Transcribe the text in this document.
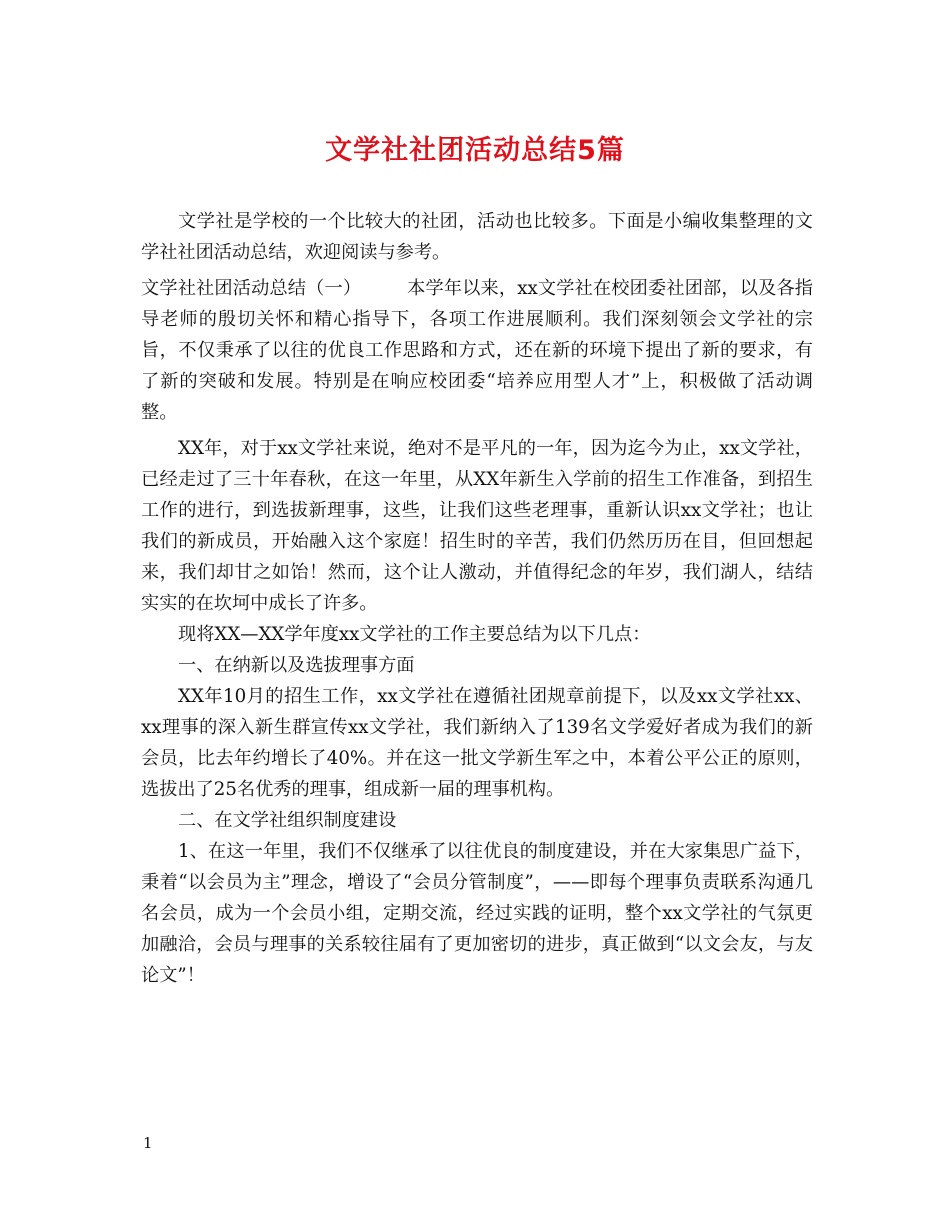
文学社社团活动总结5篇

文学社是学校的一个比较大的社团，活动也比较多。下面是小编收集整理的文学社社团活动总结，欢迎阅读与参考。

文学社社团活动总结（一）　　　本学年以来，xx文学社在校团委社团部，以及各指导老师的殷切关怀和精心指导下，各项工作进展顺利。我们深刻领会文学社的宗旨，不仅秉承了以往的优良工作思路和方式，还在新的环境下提出了新的要求，有了新的突破和发展。特别是在响应校团委“培养应用型人才”上，积极做了活动调整。

XX年，对于xx文学社来说，绝对不是平凡的一年，因为迄今为止，xx文学社，已经走过了三十年春秋，在这一年里，从XX年新生入学前的招生工作准备，到招生工作的进行，到选拔新理事，这些，让我们这些老理事，重新认识xx文学社；也让我们的新成员，开始融入这个家庭！招生时的辛苦，我们仍然历历在目，但回想起来，我们却甘之如饴！然而，这个让人激动，并值得纪念的年岁，我们湖人，结结实实的在坎坷中成长了许多。

现将XX—XX学年度xx文学社的工作主要总结为以下几点：

一、在纳新以及选拔理事方面

XX年10月的招生工作，xx文学社在遵循社团规章前提下，以及xx文学社xx、xx理事的深入新生群宣传xx文学社，我们新纳入了139名文学爱好者成为我们的新会员，比去年约增长了40%。并在这一批文学新生军之中，本着公平公正的原则，选拔出了25名优秀的理事，组成新一届的理事机构。

二、在文学社组织制度建设

1、在这一年里，我们不仅继承了以往优良的制度建设，并在大家集思广益下，秉着“以会员为主”理念，增设了“会员分管制度”，——即每个理事负责联系沟通几名会员，成为一个会员小组，定期交流，经过实践的证明，整个xx文学社的气氛更加融洽，会员与理事的关系较往届有了更加密切的进步，真正做到“以文会友，与友论文”！

1
